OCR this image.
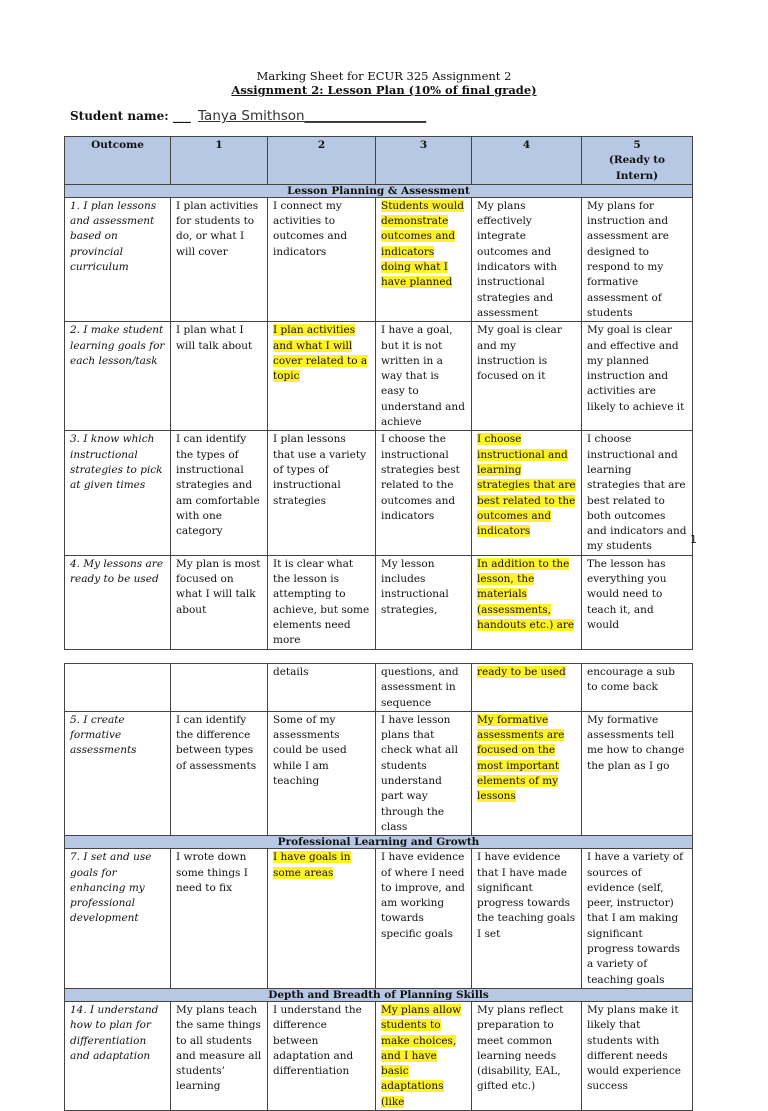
Marking Sheet for ECUR 325 Assignment 2
Assignment 2: Lesson Plan (10% of final grade)
Student name: ___ Tanya Smithson__________________
Outcome	1	2	3	4	5
(Ready to Intern)
Lesson Planning & Assessment					
1. I plan lessons and assessment based on provincial curriculum	I plan activities for students to do, or what I will cover	I connect my activities to outcomes and indicators	Students would demonstrate outcomes and indicators doing what I have planned	My plans effectively integrate outcomes and indicators with instructional strategies and assessment	My plans for instruction and assessment are designed to respond to my formative assessment of students
2. I make student learning goals for each lesson/task	I plan what I will talk about	I plan activities and what I will cover related to a topic	I have a goal, but it is not written in a way that is easy to understand and achieve	My goal is clear and my instruction is focused on it	My goal is clear and effective and my planned instruction and activities are likely to achieve it
3. I know which instructional strategies to pick at given times	I can identify the types of instructional strategies and am comfortable with one category	I plan lessons that use a variety of types of instructional strategies	I choose the instructional strategies best related to the outcomes and indicators	I choose instructional and learning strategies that are best related to the outcomes and indicators	I choose instructional and learning strategies that are best related to both outcomes and indicators and my students
4. My lessons are ready to be used	My plan is most focused on what I will talk about	It is clear what the lesson is attempting to achieve, but some elements need more	My lesson includes instructional strategies,	In addition to the lesson, the materials (assessments, handouts etc.) are	The lesson has everything you would need to teach it, and would
1
		details	questions, and assessment in sequence	ready to be used	encourage a sub to come back
5. I create formative assessments	I can identify the difference between types of assessments	Some of my assessments could be used while I am teaching	I have lesson plans that check what all students understand part way through the class	My formative assessments are focused on the most important elements of my lessons	My formative assessments tell me how to change the plan as I go
Professional Learning and Growth					
7. I set and use goals for enhancing my professional development	I wrote down some things I need to fix	I have goals in some areas	I have evidence of where I need to improve, and am working towards specific goals	I have evidence that I have made significant progress towards the teaching goals I set	I have a variety of sources of evidence (self, peer, instructor) that I am making significant progress towards a variety of teaching goals
Depth and Breadth of Planning Skills					
14. I understand how to plan for differentiation and adaptation	My plans teach the same things to all students and measure all students’ learning	I understand the difference between adaptation and differentiation	My plans allow students to make choices, and I have basic adaptations (like	My plans reflect preparation to meet common learning needs (disability, EAL, gifted etc.)	My plans make it likely that students with different needs would experience success
